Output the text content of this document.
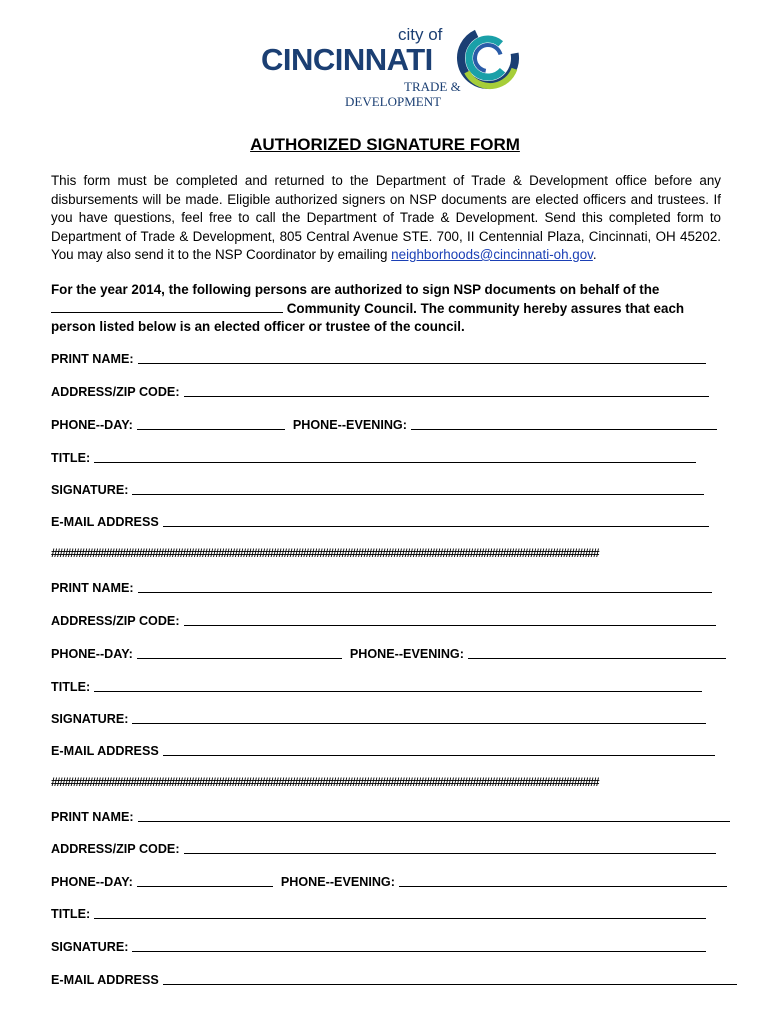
city of
CINCINNATI
TRADE &
DEVELOPMENT
AUTHORIZED SIGNATURE FORM
This form must be completed and returned to the Department of Trade & Development office before any disbursements will be made. Eligible authorized signers on NSP documents are elected officers and trustees. If you have questions, feel free to call the Department of Trade & Development. Send this completed form to Department of Trade & Development, 805 Central Avenue STE. 700, II Centennial Plaza, Cincinnati, OH 45202. You may also send it to the NSP Coordinator by emailing neighborhoods@cincinnati-oh.gov.
For the year 2014, the following persons are authorized to sign NSP documents on behalf of the
Community Council. The community hereby assures that each person listed below is an elected officer or trustee of the council.
PRINT NAME:
ADDRESS/ZIP CODE:
PHONE--DAY:	PHONE--EVENING:
TITLE:
SIGNATURE:
E-MAIL ADDRESS
####################################################################################################
PRINT NAME:
ADDRESS/ZIP CODE:
PHONE--DAY:	PHONE--EVENING:
TITLE:
SIGNATURE:
E-MAIL ADDRESS
####################################################################################################
PRINT NAME:
ADDRESS/ZIP CODE:
PHONE--DAY:	PHONE--EVENING:
TITLE:
SIGNATURE:
E-MAIL ADDRESS
